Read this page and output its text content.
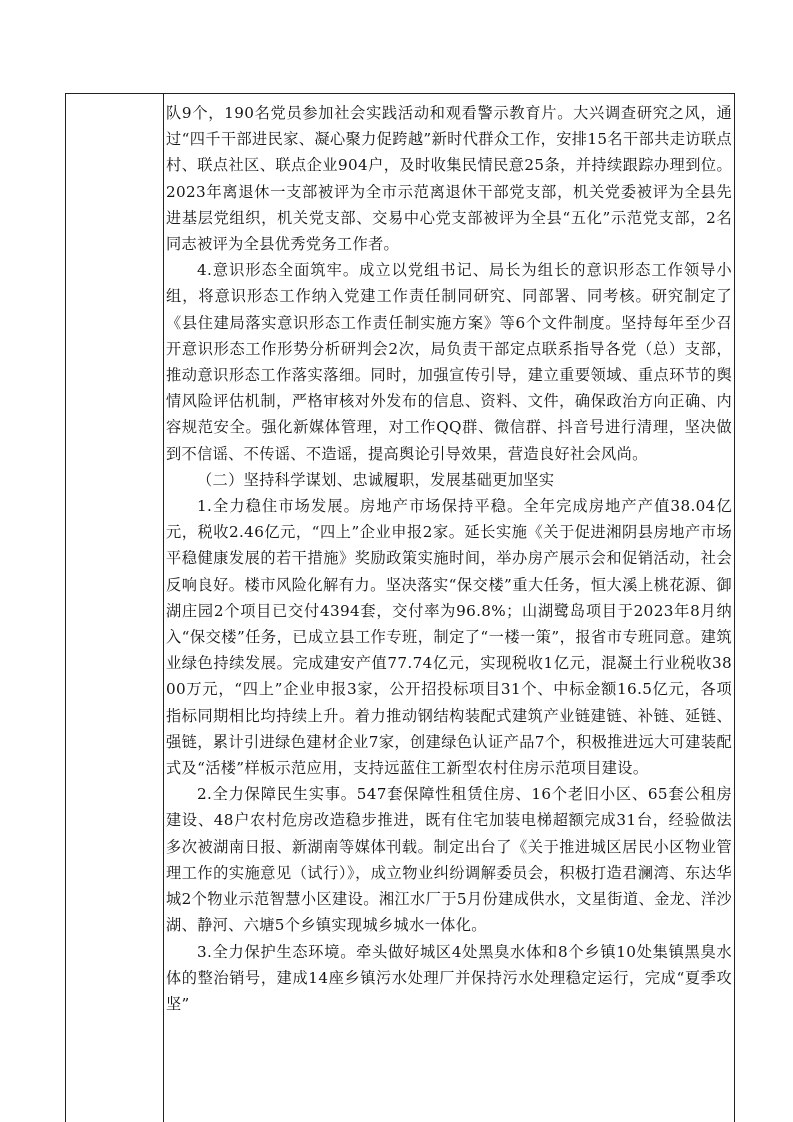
队9个，190名党员参加社会实践活动和观看警示教育片。大兴调查研究之风，通过“四千干部进民家、凝心聚力促跨越”新时代群众工作，安排15名干部共走访联点村、联点社区、联点企业904户，及时收集民情民意25条，并持续跟踪办理到位。2023年离退休一支部被评为全市示范离退休干部党支部，机关党委被评为全县先进基层党组织，机关党支部、交易中心党支部被评为全县“五化”示范党支部，2名同志被评为全县优秀党务工作者。

4.意识形态全面筑牢。成立以党组书记、局长为组长的意识形态工作领导小组，将意识形态工作纳入党建工作责任制同研究、同部署、同考核。研究制定了《县住建局落实意识形态工作责任制实施方案》等6个文件制度。坚持每年至少召开意识形态工作形势分析研判会2次，局负责干部定点联系指导各党（总）支部，推动意识形态工作落实落细。同时，加强宣传引导，建立重要领域、重点环节的舆情风险评估机制，严格审核对外发布的信息、资料、文件，确保政治方向正确、内容规范安全。强化新媒体管理，对工作QQ群、微信群、抖音号进行清理，坚决做到不信谣、不传谣、不造谣，提高舆论引导效果，营造良好社会风尚。

（二）坚持科学谋划、忠诚履职，发展基础更加坚实

1.全力稳住市场发展。房地产市场保持平稳。全年完成房地产产值38.04亿元，税收2.46亿元，“四上”企业申报2家。延长实施《关于促进湘阴县房地产市场平稳健康发展的若干措施》奖励政策实施时间，举办房产展示会和促销活动，社会反响良好。楼市风险化解有力。坚决落实“保交楼”重大任务，恒大溪上桃花源、御湖庄园2个项目已交付4394套，交付率为96.8%；山湖鹭岛项目于2023年8月纳入“保交楼”任务，已成立县工作专班，制定了“一楼一策”，报省市专班同意。建筑业绿色持续发展。完成建安产值77.74亿元，实现税收1亿元，混凝土行业税收3800万元，“四上”企业申报3家，公开招投标项目31个、中标金额16.5亿元，各项指标同期相比均持续上升。着力推动钢结构装配式建筑产业链建链、补链、延链、强链，累计引进绿色建材企业7家，创建绿色认证产品7个，积极推进远大可建装配式及“活楼”样板示范应用，支持远蓝住工新型农村住房示范项目建设。

2.全力保障民生实事。547套保障性租赁住房、16个老旧小区、65套公租房建设、48户农村危房改造稳步推进，既有住宅加装电梯超额完成31台，经验做法多次被湖南日报、新湖南等媒体刊载。制定出台了《关于推进城区居民小区物业管理工作的实施意见（试行）》，成立物业纠纷调解委员会，积极打造君澜湾、东达华城2个物业示范智慧小区建设。湘江水厂于5月份建成供水，文星街道、金龙、洋沙湖、静河、六塘5个乡镇实现城乡城水一体化。

3.全力保护生态环境。牵头做好城区4处黑臭水体和8个乡镇10处集镇黑臭水体的整治销号，建成14座乡镇污水处理厂并保持污水处理稳定运行，完成“夏季攻坚”
